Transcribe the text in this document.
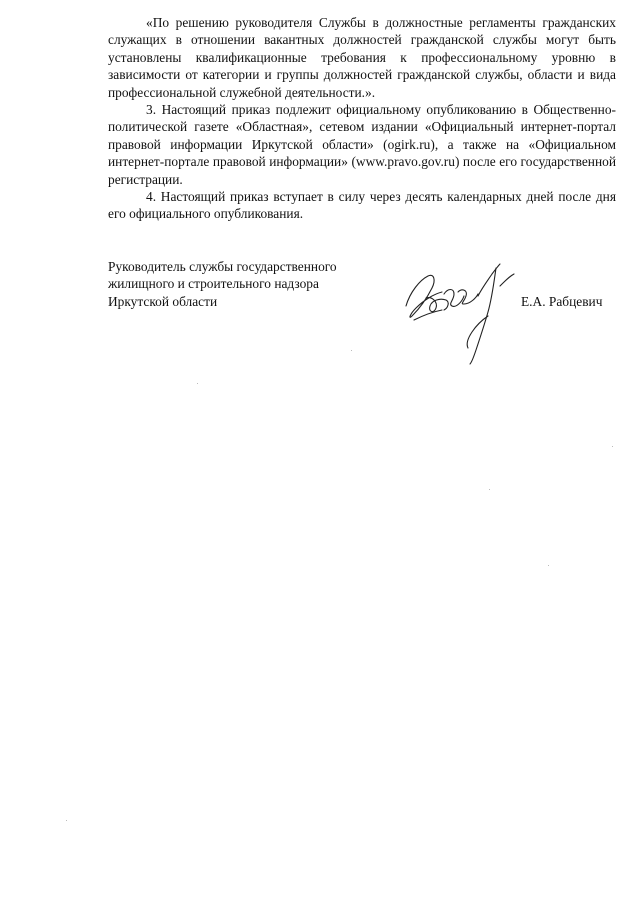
«По решению руководителя Службы в должностные регламенты гражданских служащих в отношении вакантных должностей гражданской службы могут быть установлены квалификационные требования к профессиональному уровню в зависимости от категории и группы должностей гражданской службы, области и вида профессиональной служебной деятельности.».

3. Настоящий приказ подлежит официальному опубликованию в Общественно-политической газете «Областная», сетевом издании «Официальный интернет-портал правовой информации Иркутской области» (ogirk.ru), а также на «Официальном интернет-портале правовой информации» (www.pravo.gov.ru) после его государственной регистрации.

4. Настоящий приказ вступает в силу через десять календарных дней после дня его официального опубликования.

Руководитель службы государственного
жилищного и строительного надзора
Иркутской области	Е.А. Рабцевич
